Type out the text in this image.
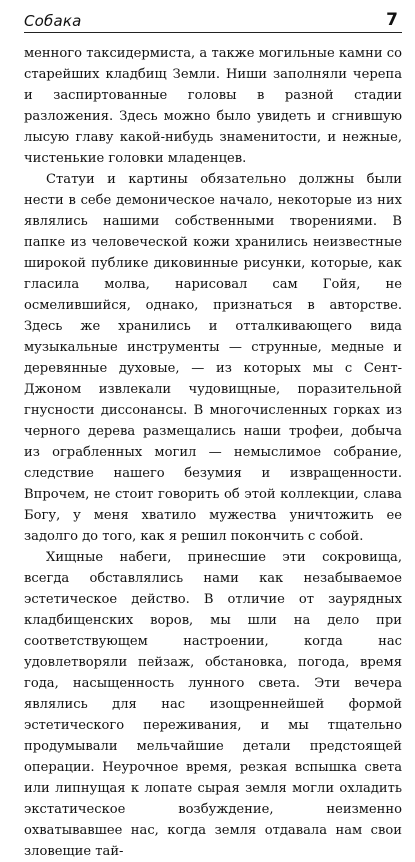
Собака	7

менного таксидермиста, а также могильные камни со старейших кладбищ Земли. Ниши заполняли черепа и заспиртованные головы в разной стадии разложения. Здесь можно было увидеть и сгнившую лысую главу какой-нибудь знаменитости, и нежные, чистенькие головки младенцев.

Статуи и картины обязательно должны были нести в себе демоническое начало, некоторые из них являлись нашими собственными творениями. В папке из человеческой кожи хранились неизвестные широкой публике диковинные рисунки, которые, как гласила молва, нарисовал сам Гойя, не осмелившийся, однако, признаться в авторстве. Здесь же хранились и отталкивающего вида музыкальные инструменты — струнные, медные и деревянные духовые, — из которых мы с Сент-Джоном извлекали чудовищные, поразительной гнусности диссонансы. В многочисленных горках из черного дерева размещались наши трофеи, добыча из ограбленных могил — немыслимое собрание, следствие нашего безумия и извращенности. Впрочем, не стоит говорить об этой коллекции, слава Богу, у меня хватило мужества уничтожить ее задолго до того, как я решил покончить с собой.

Хищные набеги, принесшие эти сокровища, всегда обставлялись нами как незабываемое эстетическое действо. В отличие от заурядных кладбищенских воров, мы шли на дело при соответствующем настроении, когда нас удовлетворяли пейзаж, обстановка, погода, время года, насыщенность лунного света. Эти вечера являлись для нас изощреннейшей формой эстетического переживания, и мы тщательно продумывали мельчайшие детали предстоящей операции. Неурочное время, резкая вспышка света или липнущая к лопате сырая земля могли охладить экстатическое возбуждение, неизменно охватывавшее нас, когда земля отдавала нам свои зловещие тай-
